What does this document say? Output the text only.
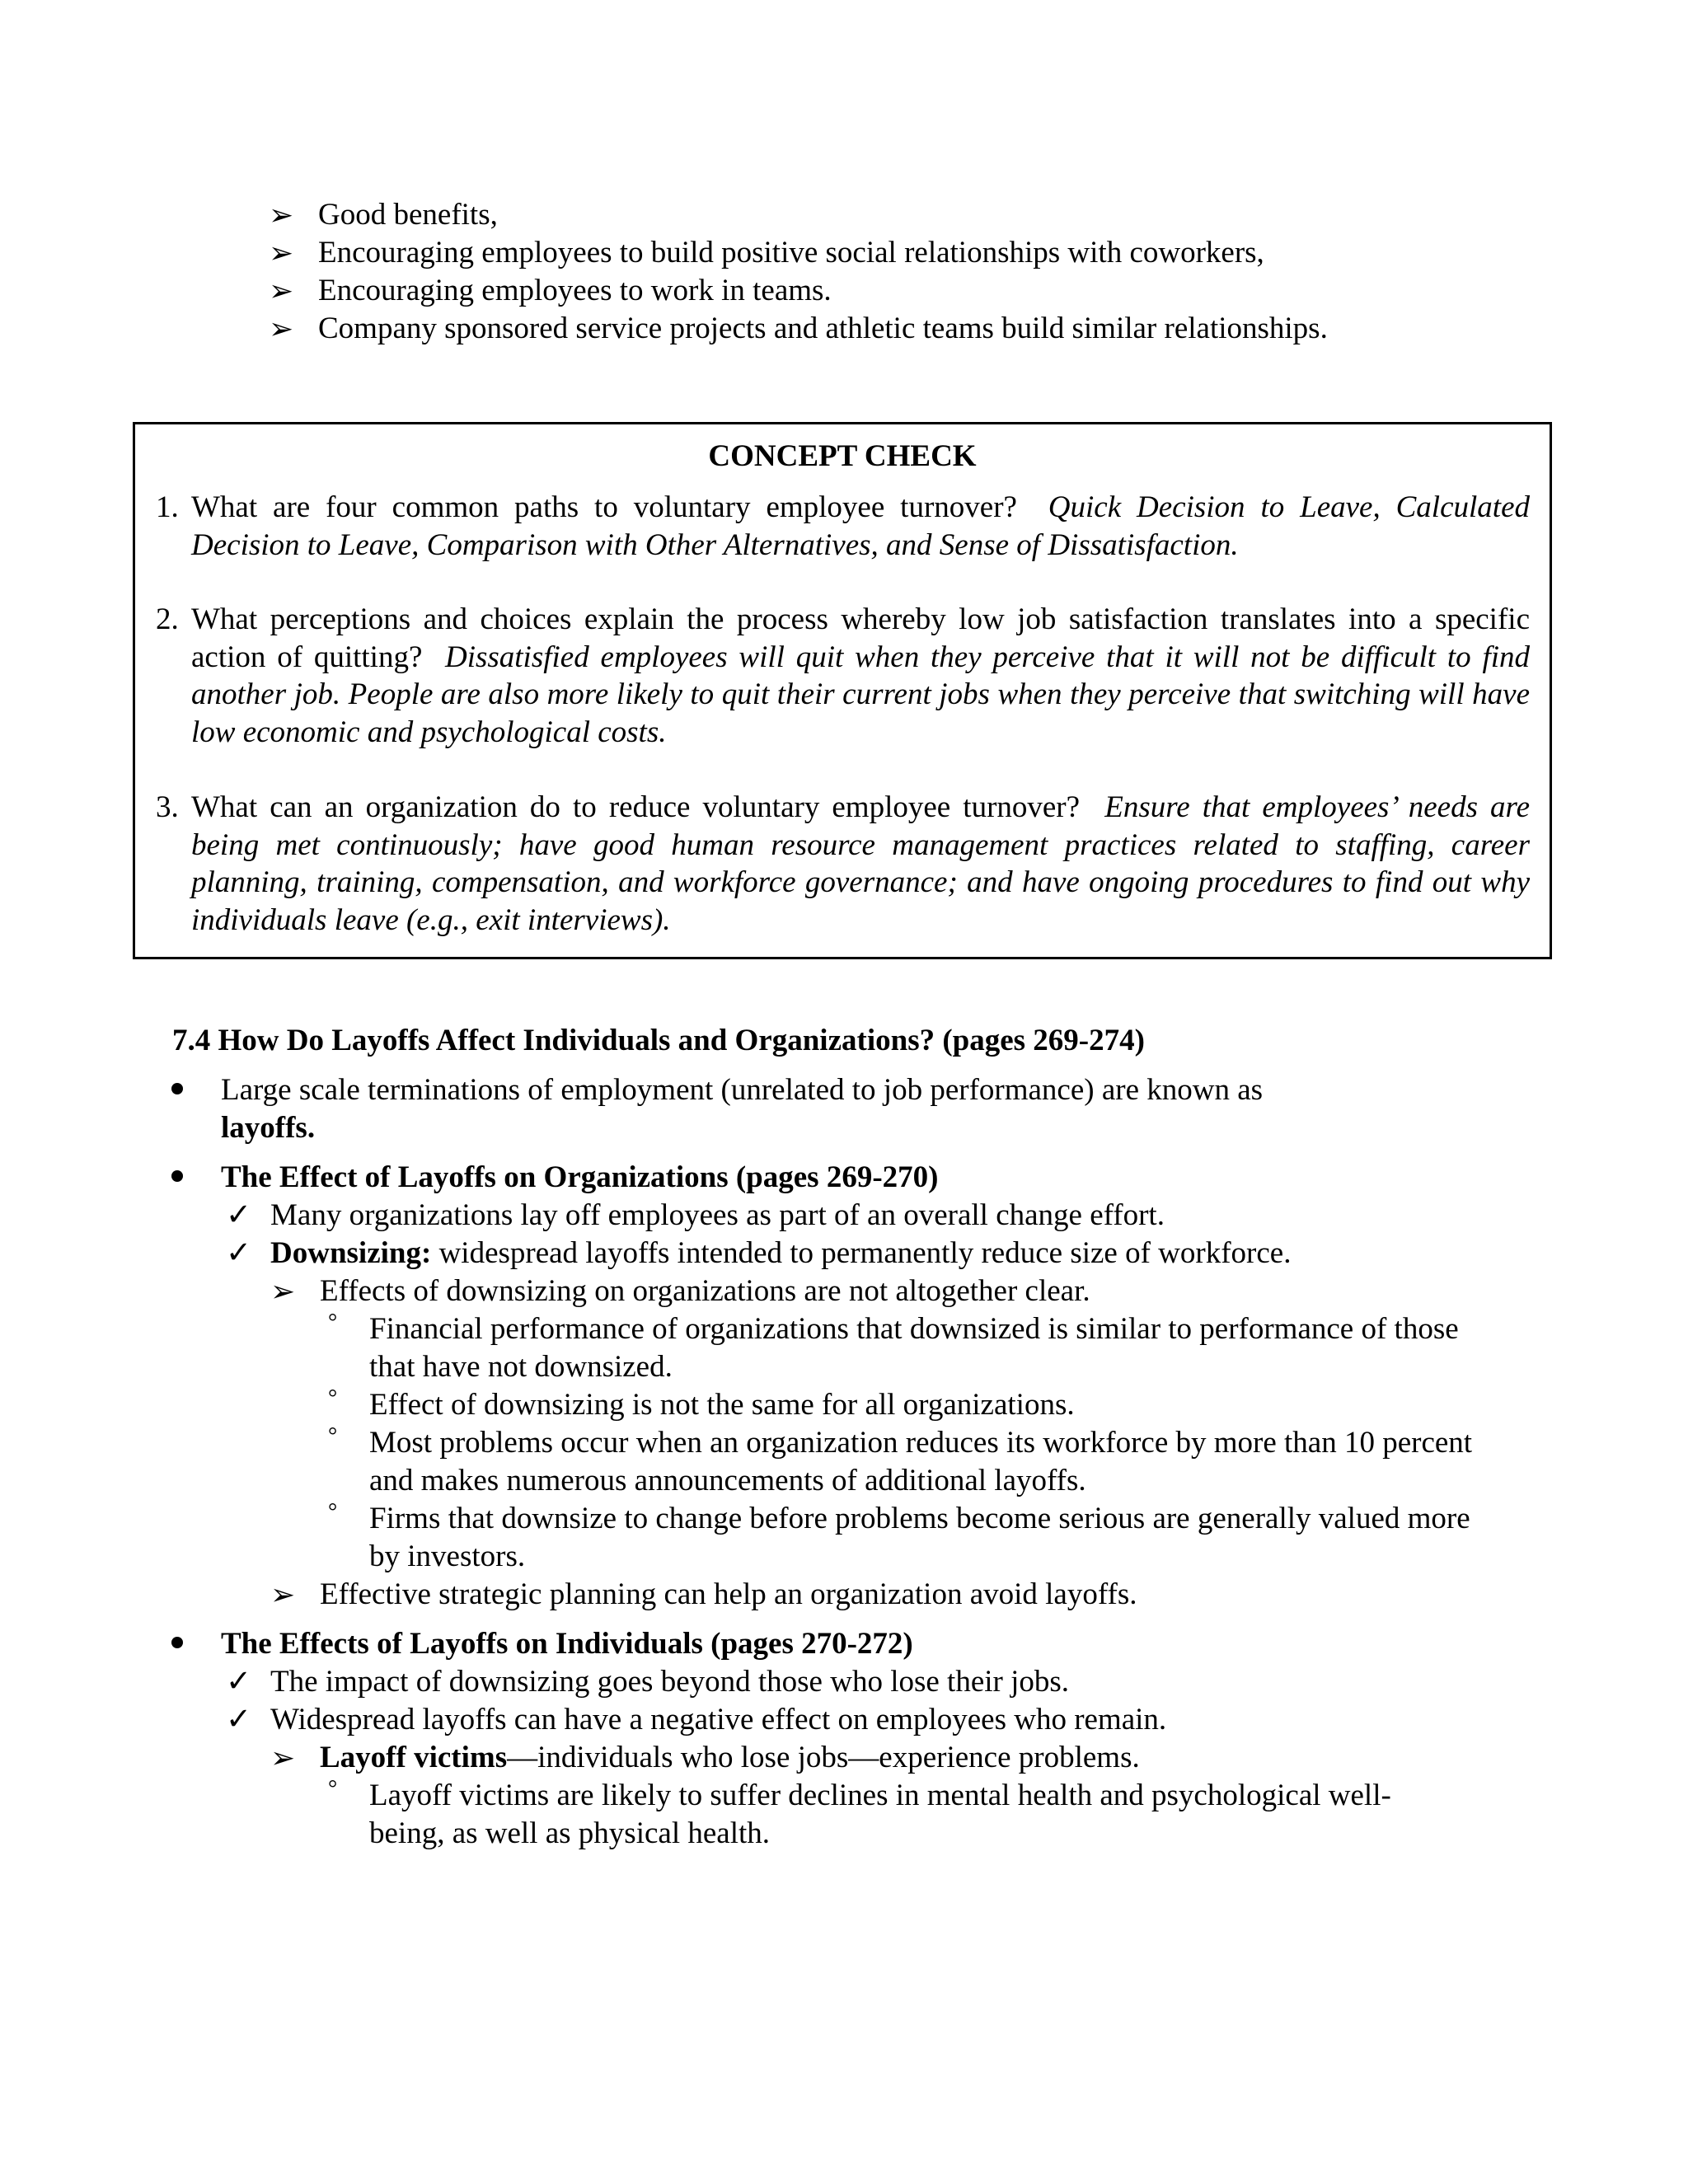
➢ Good benefits,
➢ Encouraging employees to build positive social relationships with coworkers,
➢ Encouraging employees to work in teams.
➢ Company sponsored service projects and athletic teams build similar relationships.
CONCEPT CHECK
1. What are four common paths to voluntary employee turnover? Quick Decision to Leave, Calculated Decision to Leave, Comparison with Other Alternatives, and Sense of Dissatisfaction.
2. What perceptions and choices explain the process whereby low job satisfaction translates into a specific action of quitting? Dissatisfied employees will quit when they perceive that it will not be difficult to find another job. People are also more likely to quit their current jobs when they perceive that switching will have low economic and psychological costs.
3. What can an organization do to reduce voluntary employee turnover? Ensure that employees’ needs are being met continuously; have good human resource management practices related to staffing, career planning, training, compensation, and workforce governance; and have ongoing procedures to find out why individuals leave (e.g., exit interviews).
7.4 How Do Layoffs Affect Individuals and Organizations? (pages 269-274)
Large scale terminations of employment (unrelated to job performance) are known as
layoffs.
The Effect of Layoffs on Organizations (pages 269-270)
✓ Many organizations lay off employees as part of an overall change effort.
✓ Downsizing: widespread layoffs intended to permanently reduce size of workforce.
➢ Effects of downsizing on organizations are not altogether clear.
° Financial performance of organizations that downsized is similar to performance of those that have not downsized.
° Effect of downsizing is not the same for all organizations.
° Most problems occur when an organization reduces its workforce by more than 10 percent and makes numerous announcements of additional layoffs.
° Firms that downsize to change before problems become serious are generally valued more by investors.
➢ Effective strategic planning can help an organization avoid layoffs.
The Effects of Layoffs on Individuals (pages 270-272)
✓ The impact of downsizing goes beyond those who lose their jobs.
✓ Widespread layoffs can have a negative effect on employees who remain.
➢ Layoff victims—individuals who lose jobs—experience problems.
° Layoff victims are likely to suffer declines in mental health and psychological well-being, as well as physical health.
